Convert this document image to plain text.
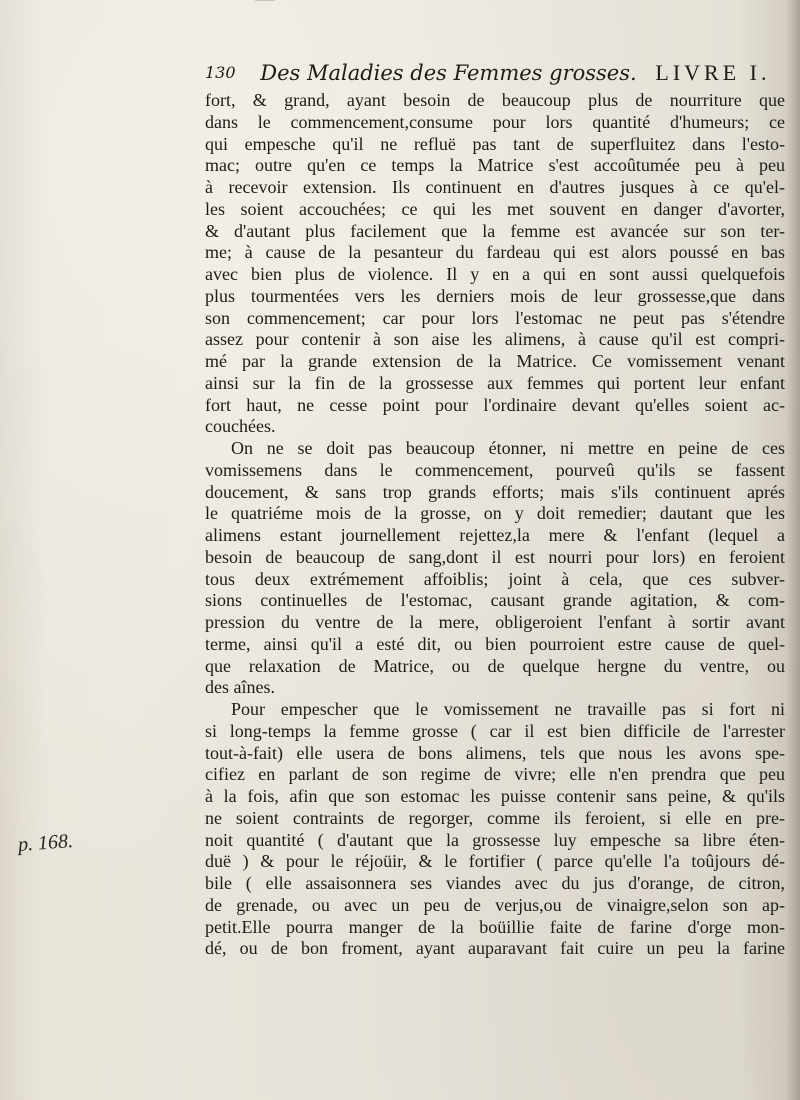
130 Des Maladies des Femmes grosses. LIVRE I.
fort, & grand, ayant besoin de beaucoup plus de nourriture que
dans le commencement,consume pour lors quantité d'humeurs; ce
qui empesche qu'il ne refluë pas tant de superfluitez dans l'esto-
mac; outre qu'en ce temps la Matrice s'est accoûtumée peu à peu
à recevoir extension. Ils continuent en d'autres jusques à ce qu'el-
les soient accouchées; ce qui les met souvent en danger d'avorter,
& d'autant plus facilement que la femme est avancée sur son ter-
me; à cause de la pesanteur du fardeau qui est alors poussé en bas
avec bien plus de violence. Il y en a qui en sont aussi quelquefois
plus tourmentées vers les derniers mois de leur grossesse,que dans
son commencement; car pour lors l'estomac ne peut pas s'étendre
assez pour contenir à son aise les alimens, à cause qu'il est compri-
mé par la grande extension de la Matrice. Ce vomissement venant
ainsi sur la fin de la grossesse aux femmes qui portent leur enfant
fort haut, ne cesse point pour l'ordinaire devant qu'elles soient ac-
couchées.
On ne se doit pas beaucoup étonner, ni mettre en peine de ces
vomissemens dans le commencement, pourveû qu'ils se fassent
doucement, & sans trop grands efforts; mais s'ils continuent aprés
le quatriéme mois de la grosse, on y doit remedier; dautant que les
alimens estant journellement rejettez,la mere & l'enfant (lequel a
besoin de beaucoup de sang,dont il est nourri pour lors) en feroient
tous deux extrémement affoiblis; joint à cela, que ces subver-
sions continuelles de l'estomac, causant grande agitation, & com-
pression du ventre de la mere, obligeroient l'enfant à sortir avant
terme, ainsi qu'il a esté dit, ou bien pourroient estre cause de quel-
que relaxation de Matrice, ou de quelque hergne du ventre, ou
des aînes.
Pour empescher que le vomissement ne travaille pas si fort ni
si long-temps la femme grosse ( car il est bien difficile de l'arrester
tout-à-fait) elle usera de bons alimens, tels que nous les avons spe-
cifiez en parlant de son regime de vivre; elle n'en prendra que peu
à la fois, afin que son estomac les puisse contenir sans peine, & qu'ils
ne soient contraints de regorger, comme ils feroient, si elle en pre-
noit quantité ( d'autant que la grossesse luy empesche sa libre éten-
duë ) & pour le réjoüir, & le fortifier ( parce qu'elle l'a toûjours dé-
bile ( elle assaisonnera ses viandes avec du jus d'orange, de citron,
de grenade, ou avec un peu de verjus,ou de vinaigre,selon son ap-
petit.Elle pourra manger de la boüillie faite de farine d'orge mon-
dé, ou de bon froment, ayant auparavant fait cuire un peu la farine
p. 168.
